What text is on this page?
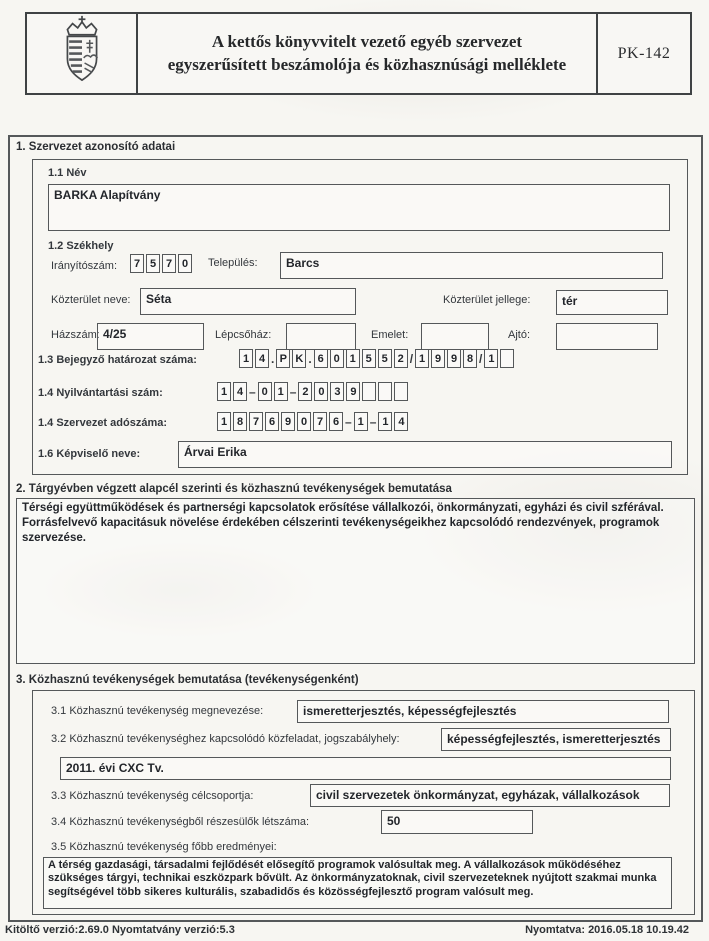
A kettős könyvvitelt vezető egyéb szervezet
egyszerűsített beszámolója és közhasznúsági melléklete
PK-142
1. Szervezet azonosító adatai
1.1 Név
BARKA Alapítvány
1.2 Székhely
Irányítószám:	7 5 7 0	Település:	Barcs
Közterület neve:	Séta	Közterület jellege:	tér
Házszám: 4/25	Lépcsőház:	Emelet:	Ajtó:
1.3 Bejegyző határozat száma:	1 4 . P K . 6 0 1 5 5 2 / 1 9 9 8 / 1
1.4 Nyilvántartási szám:	1 4 – 0 1 – 2 0 3 9
1.4 Szervezet adószáma:	1 8 7 6 9 0 7 6 – 1 – 1 4
1.6 Képviselő neve:	Árvai Erika
2. Tárgyévben végzett alapcél szerinti és közhasznú tevékenységek bemutatása
Térségi együttműködések és partnerségi kapcsolatok erősítése vállalkozói, önkormányzati, egyházi és civil szférával. Forrásfelvevő kapacitásuk növelése érdekében célszerinti tevékenységeikhez kapcsolódó rendezvények, programok szervezése.
3. Közhasznú tevékenységek bemutatása (tevékenységenként)
3.1 Közhasznú tevékenység megnevezése:	ismeretterjesztés, képességfejlesztés
3.2 Közhasznú tevékenységhez kapcsolódó közfeladat, jogszabályhely:	képességfejlesztés, ismeretterjesztés
2011. évi CXC Tv.
3.3 Közhasznú tevékenység célcsoportja:	civil szervezetek önkormányzat, egyházak, vállalkozások
3.4 Közhasznú tevékenységből részesülők létszáma:	50
3.5 Közhasznú tevékenység főbb eredményei:
A térség gazdasági, társadalmi fejlődését elősegítő programok valósultak meg. A vállalkozások működéséhez szükséges tárgyi, technikai eszközpark bővült. Az önkormányzatoknak, civil szervezeteknek nyújtott szakmai munka segítségével több sikeres kulturális, szabadidős és közösségfejlesztő program valósult meg.
Kitöltő verzió:2.69.0 Nyomtatvány verzió:5.3	Nyomtatva: 2016.05.18 10.19.42
